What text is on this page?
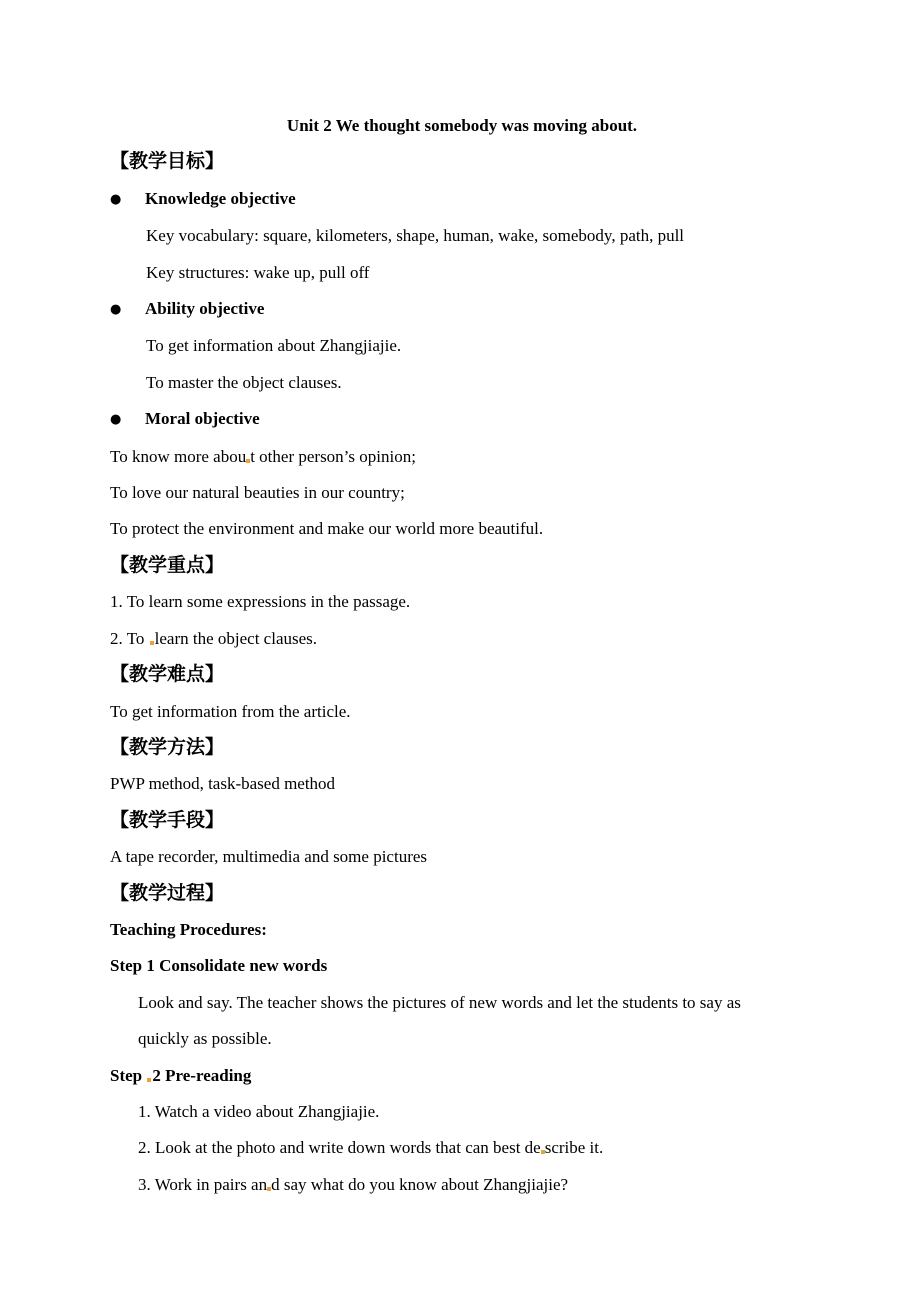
Unit 2 We thought somebody was moving about.

【教学目标】

● Knowledge objective

Key vocabulary: square, kilometers, shape, human, wake, somebody, path, pull

Key structures: wake up, pull off

● Ability objective

To get information about Zhangjiajie.

To master the object clauses.

● Moral objective

To know more abou t other person’s opinion;

To love our natural beauties in our country;

To protect the environment and make our world more beautiful.

【教学重点】

1. To learn some expressions in the passage.

2. To learn the object clauses.

【教学难点】

To get information from the article.

【教学方法】

PWP method, task-based method

【教学手段】

A tape recorder, multimedia and some pictures

【教学过程】

Teaching Procedures:

Step 1 Consolidate new words

Look and say. The teacher shows the pictures of new words and let the students to say as

quickly as possible.

Step 2 Pre-reading

1. Watch a video about Zhangjiajie.

2. Look at the photo and write down words that can best de scribe it.

3. Work in pairs an d say what do you know about Zhangjiajie?
